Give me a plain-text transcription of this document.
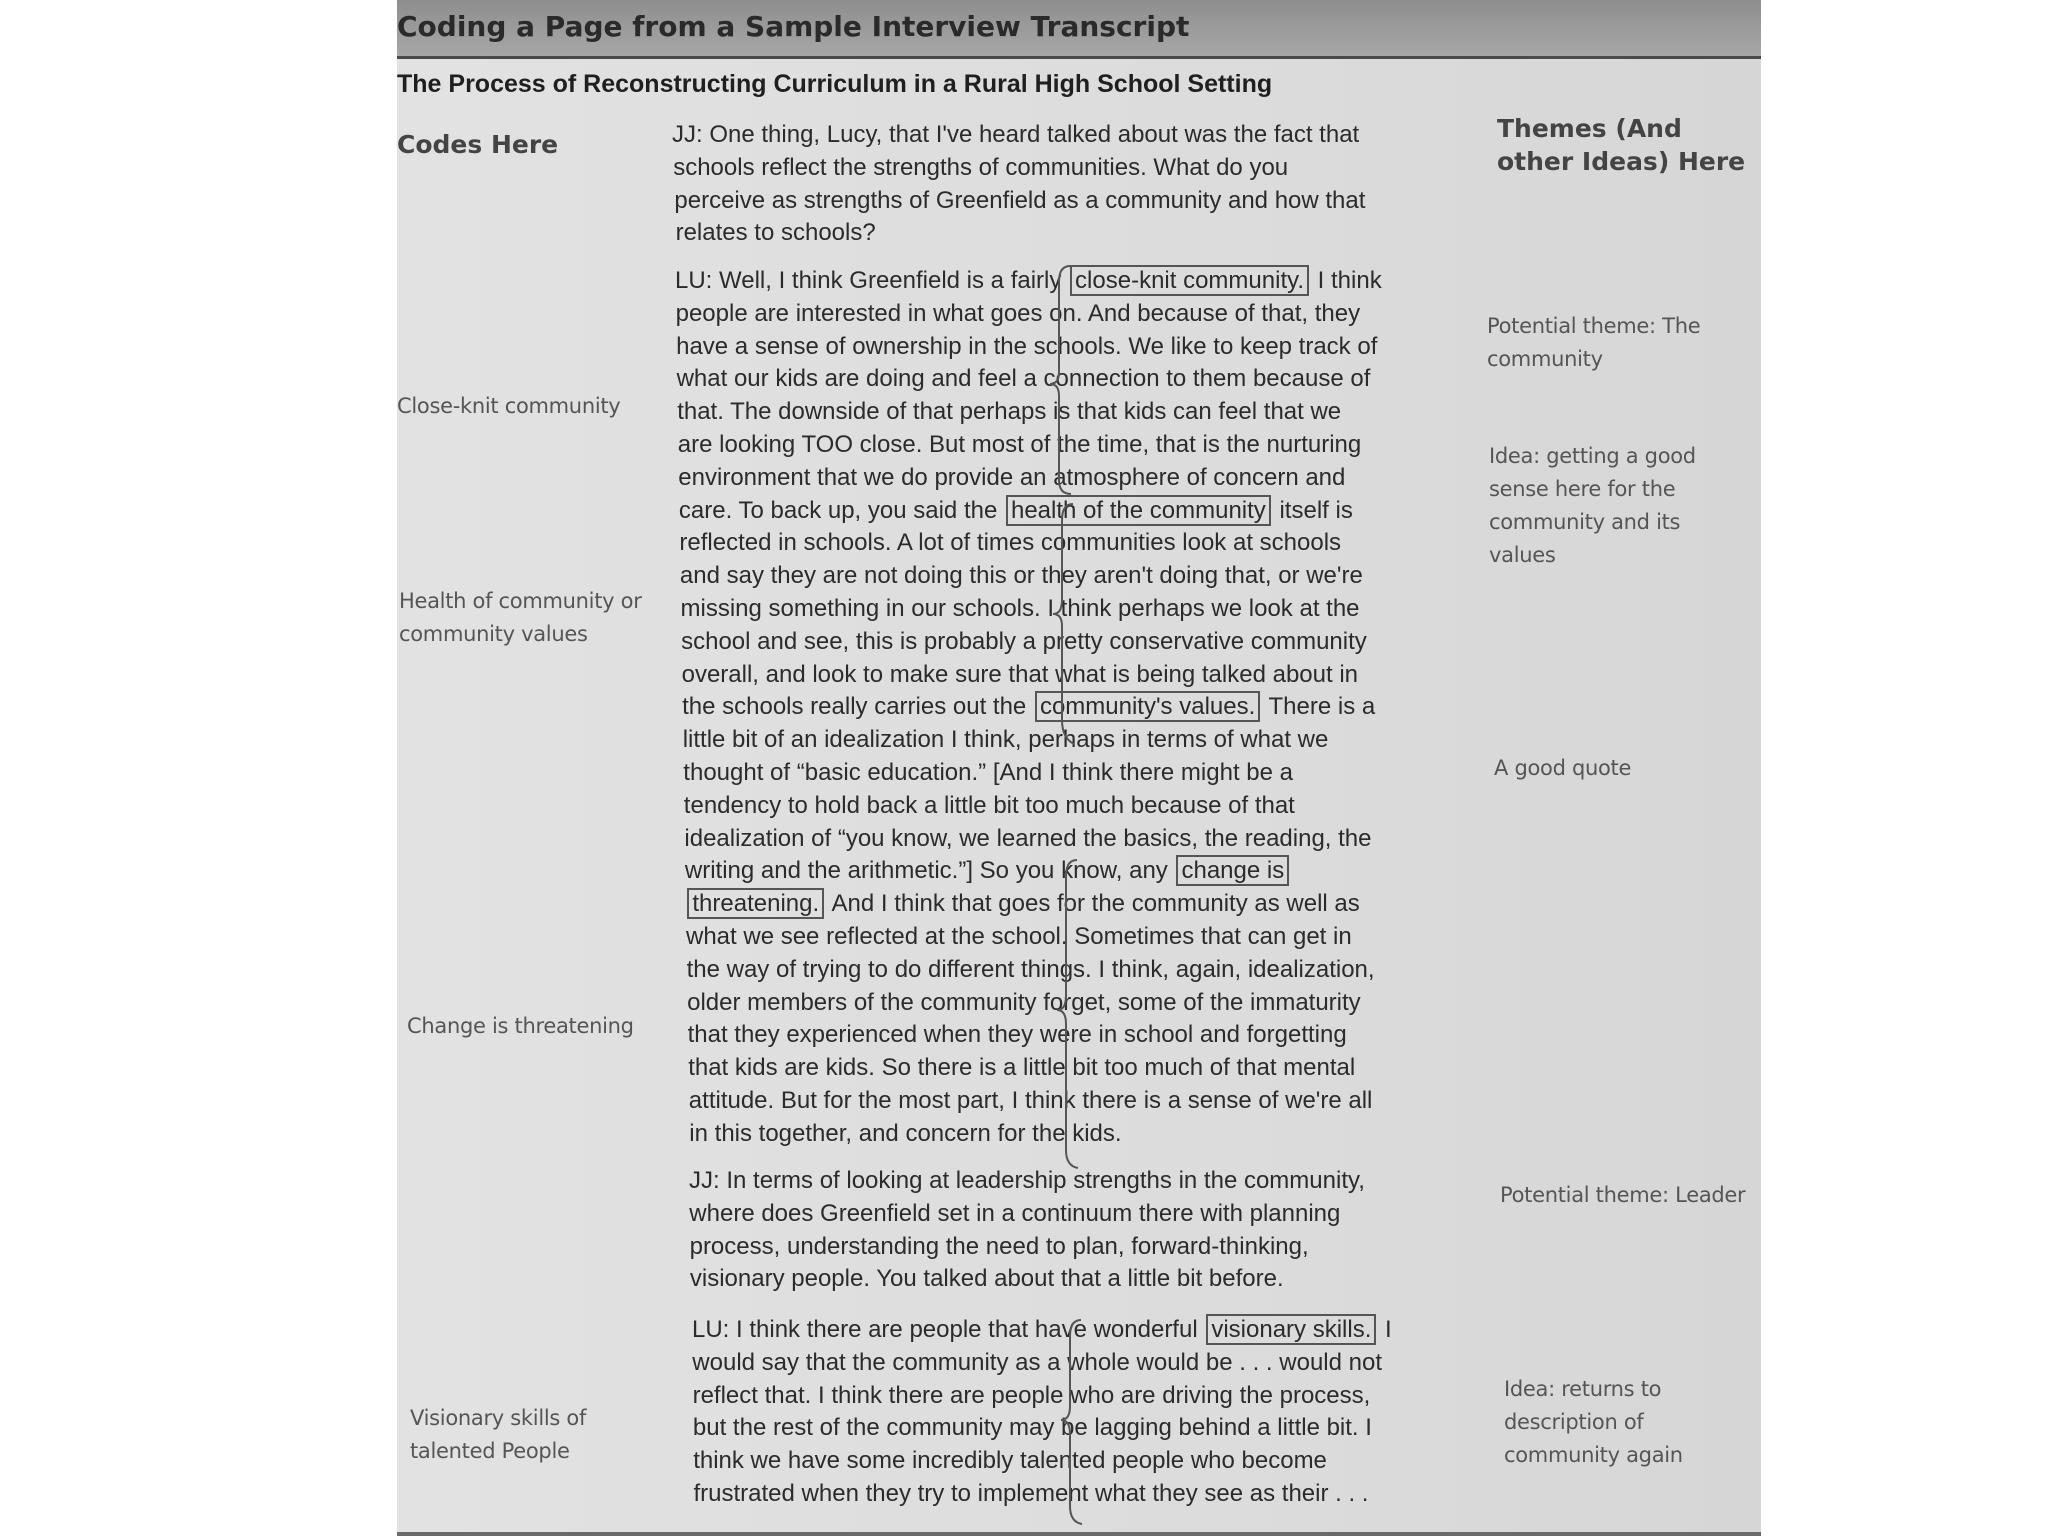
Coding a Page from a Sample Interview Transcript
The Process of Reconstructing Curriculum in a Rural High School Setting
Codes Here
Themes (And other Ideas) Here
JJ: One thing, Lucy, that I've heard talked about was the fact that
schools reflect the strengths of communities. What do you
perceive as strengths of Greenfield as a community and how that
relates to schools?
LU: Well, I think Greenfield is a fairly close-knit community. I think
people are interested in what goes on. And because of that, they
have a sense of ownership in the schools. We like to keep track of
what our kids are doing and feel a connection to them because of
that. The downside of that perhaps is that kids can feel that we
are looking TOO close. But most of the time, that is the nurturing
environment that we do provide an atmosphere of concern and
care. To back up, you said the health of the community itself is
reflected in schools. A lot of times communities look at schools
and say they are not doing this or they aren't doing that, or we're
missing something in our schools. I think perhaps we look at the
school and see, this is probably a pretty conservative community
overall, and look to make sure that what is being talked about in
the schools really carries out the community's values. There is a
little bit of an idealization I think, perhaps in terms of what we
thought of “basic education.” [And I think there might be a
tendency to hold back a little bit too much because of that
idealization of “you know, we learned the basics, the reading, the
writing and the arithmetic.”] So you know, any change is
threatening. And I think that goes for the community as well as
what we see reflected at the school. Sometimes that can get in
the way of trying to do different things. I think, again, idealization,
older members of the community forget, some of the immaturity
that they experienced when they were in school and forgetting
that kids are kids. So there is a little bit too much of that mental
attitude. But for the most part, I think there is a sense of we're all
in this together, and concern for the kids.
JJ: In terms of looking at leadership strengths in the community,
where does Greenfield set in a continuum there with planning
process, understanding the need to plan, forward-thinking,
visionary people. You talked about that a little bit before.
LU: I think there are people that have wonderful visionary skills. I
would say that the community as a whole would be . . . would not
reflect that. I think there are people who are driving the process,
but the rest of the community may be lagging behind a little bit. I
think we have some incredibly talented people who become
frustrated when they try to implement what they see as their . . .

Close-knit community

Health of community or community values

Change is threatening

Visionary skills of talented People

Potential theme: The community

Idea: getting a good sense here for the community and its values

A good quote

Potential theme: Leader

Idea: returns to description of community again
